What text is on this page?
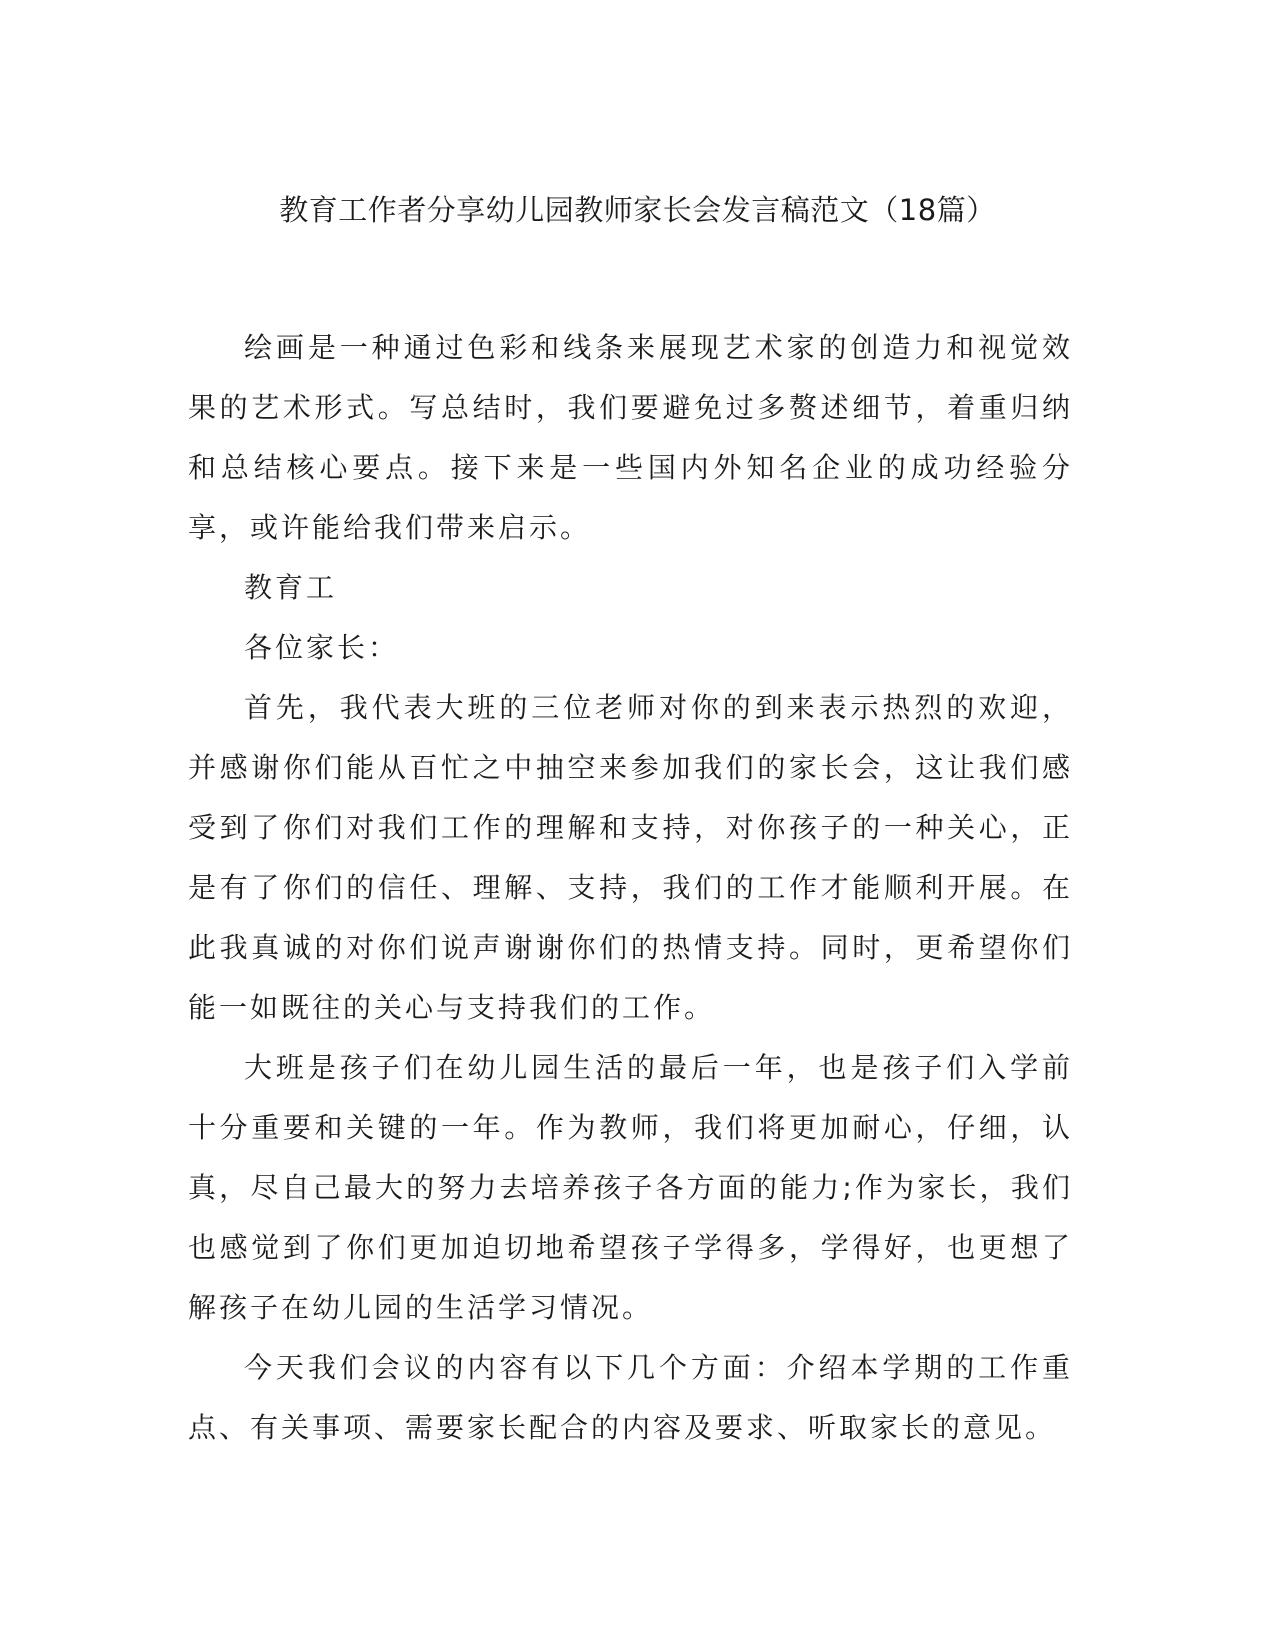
教育工作者分享幼儿园教师家长会发言稿范文（18篇）

绘画是一种通过色彩和线条来展现艺术家的创造力和视觉效果的艺术形式。写总结时，我们要避免过多赘述细节，着重归纳和总结核心要点。接下来是一些国内外知名企业的成功经验分享，或许能给我们带来启示。

教育工

各位家长：

首先，我代表大班的三位老师对你的到来表示热烈的欢迎，并感谢你们能从百忙之中抽空来参加我们的家长会，这让我们感受到了你们对我们工作的理解和支持，对你孩子的一种关心，正是有了你们的信任、理解、支持，我们的工作才能顺利开展。在此我真诚的对你们说声谢谢你们的热情支持。同时，更希望你们能一如既往的关心与支持我们的工作。

大班是孩子们在幼儿园生活的最后一年，也是孩子们入学前十分重要和关键的一年。作为教师，我们将更加耐心，仔细，认真，尽自己最大的努力去培养孩子各方面的能力;作为家长，我们也感觉到了你们更加迫切地希望孩子学得多，学得好，也更想了解孩子在幼儿园的生活学习情况。

今天我们会议的内容有以下几个方面：介绍本学期的工作重点、有关事项、需要家长配合的内容及要求、听取家长的意见。
